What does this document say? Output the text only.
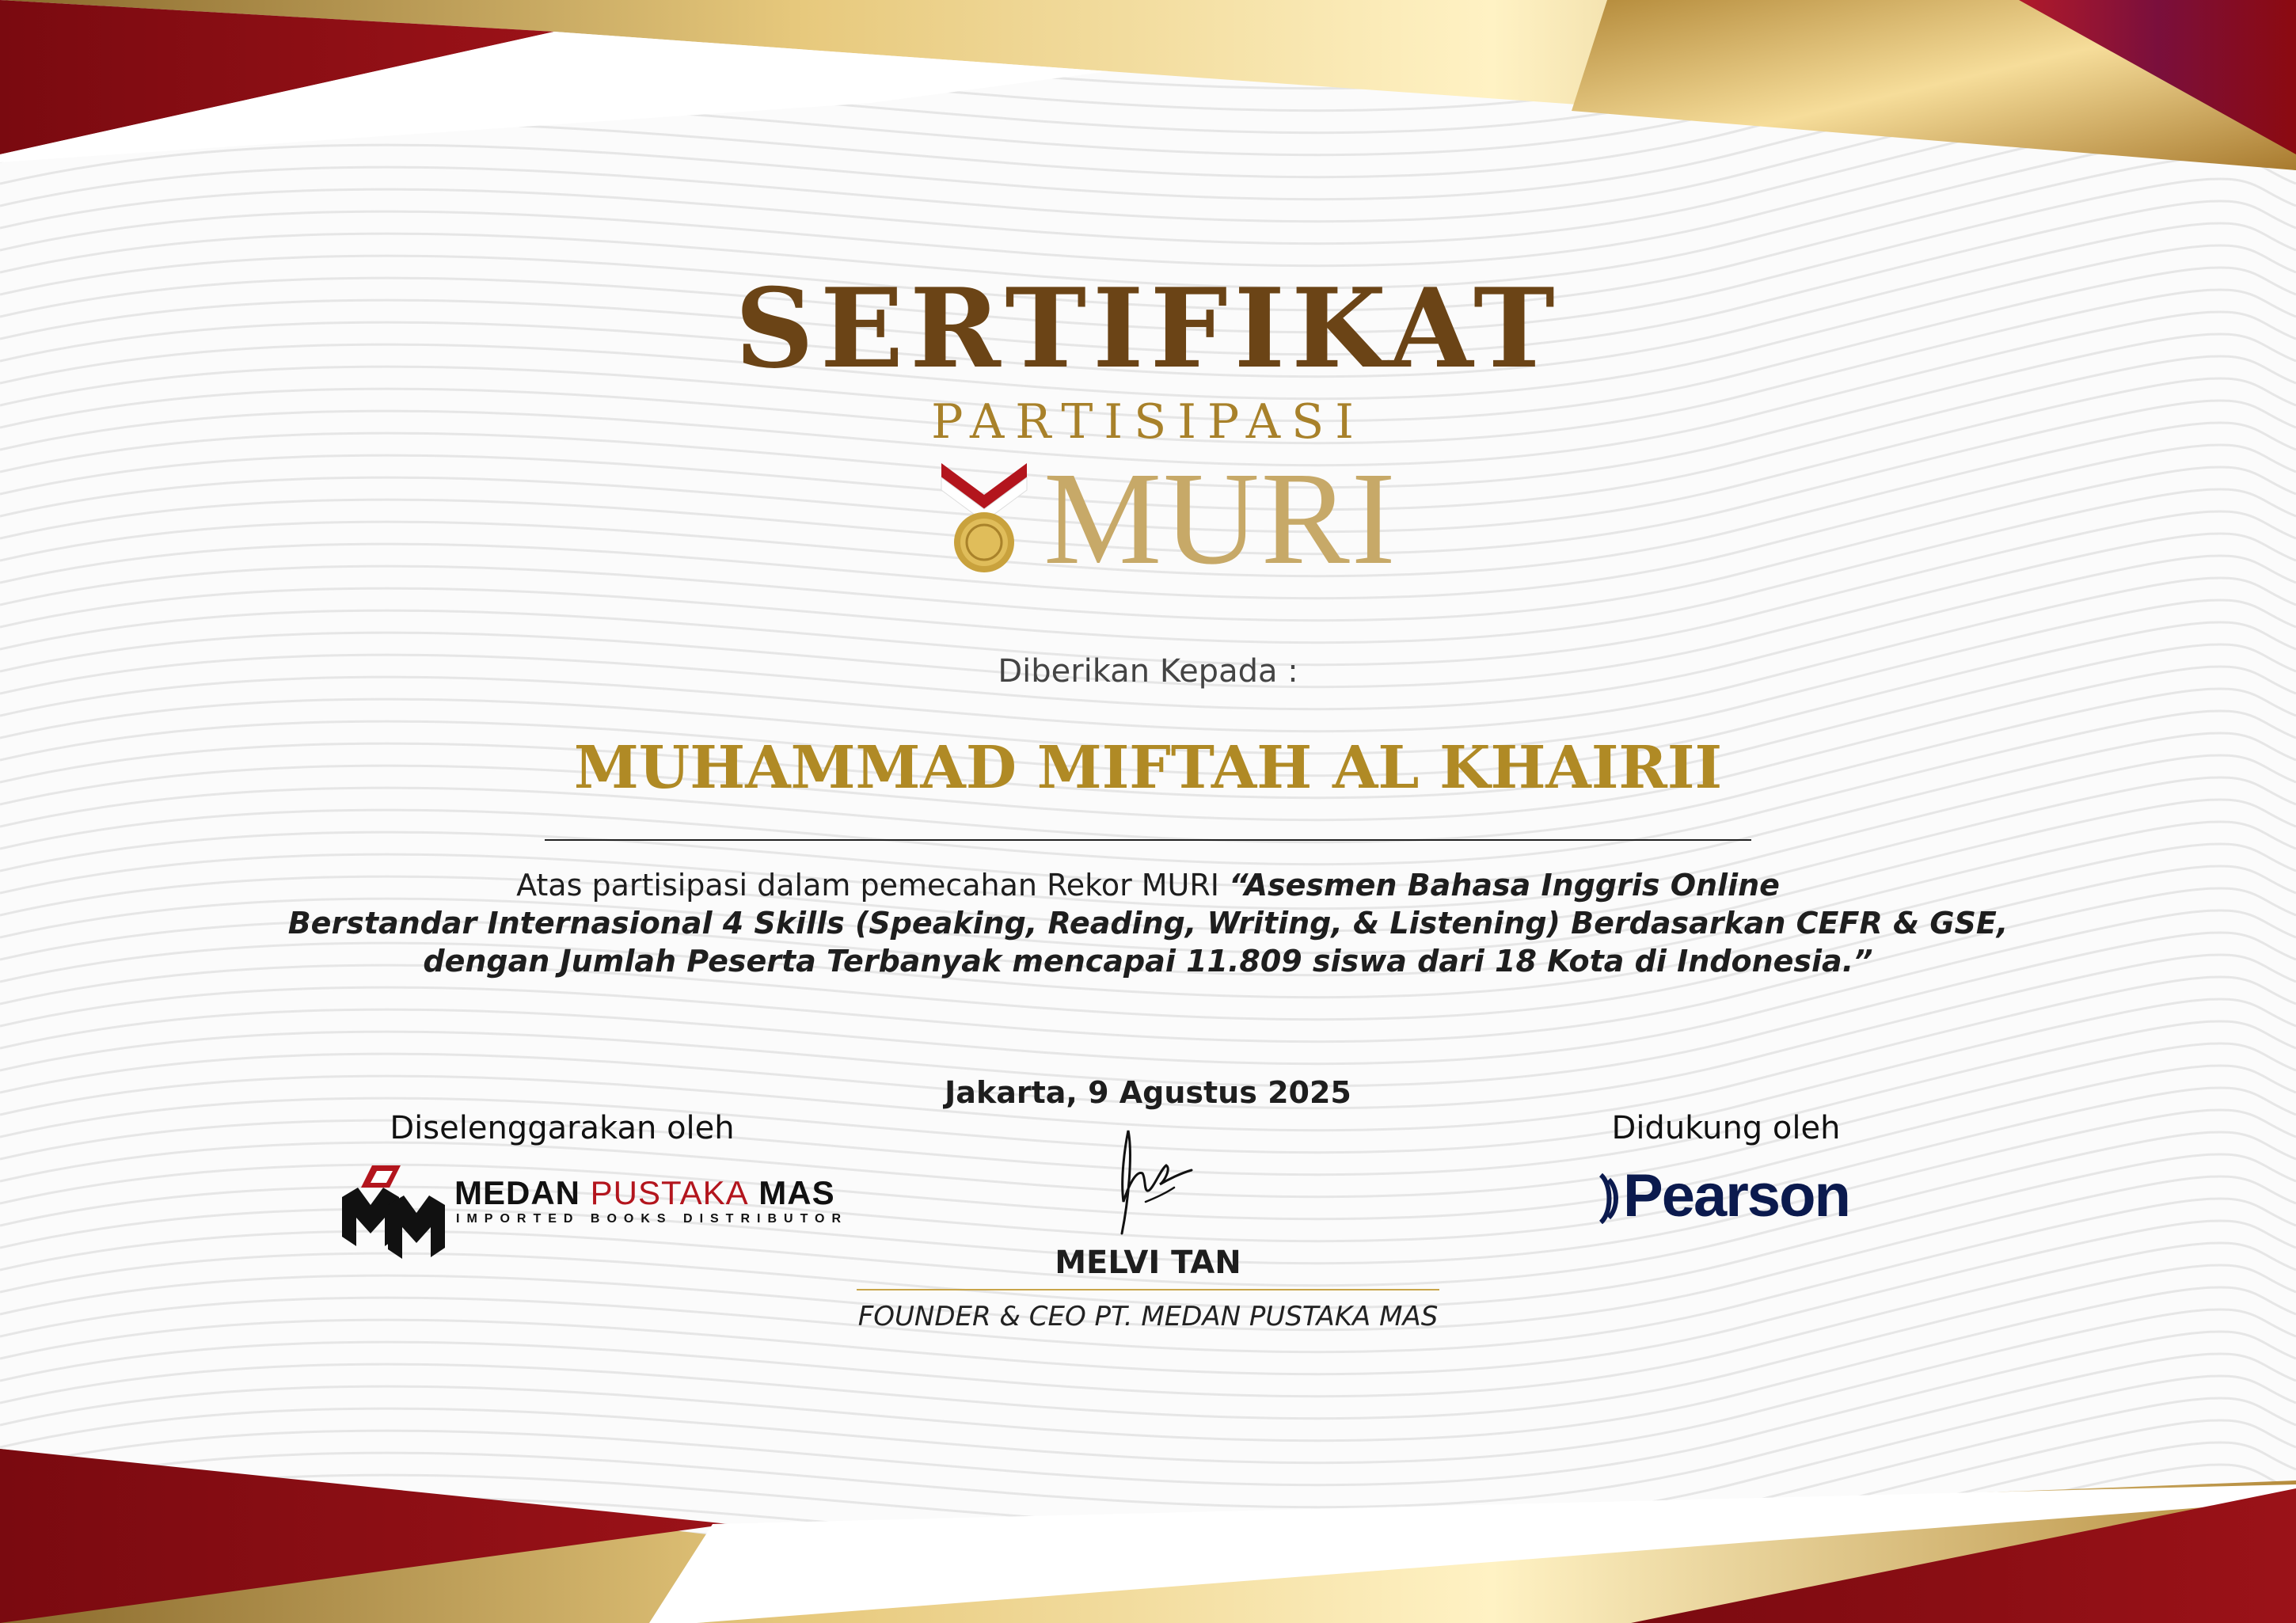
SERTIFIKAT
PARTISIPASI
MURI
Diberikan Kepada :
MUHAMMAD MIFTAH AL KHAIRII
Atas partisipasi dalam pemecahan Rekor MURI “Asesmen Bahasa Inggris Online
Berstandar Internasional 4 Skills (Speaking, Reading, Writing, & Listening) Berdasarkan CEFR & GSE,
dengan Jumlah Peserta Terbanyak mencapai 11.809 siswa dari 18 Kota di Indonesia.”
Jakarta, 9 Agustus 2025
Diselenggarakan oleh
MEDAN PUSTAKA MAS
IMPORTED BOOKS DISTRIBUTOR
MELVI TAN
FOUNDER & CEO PT. MEDAN PUSTAKA MAS
Didukung oleh
Pearson
